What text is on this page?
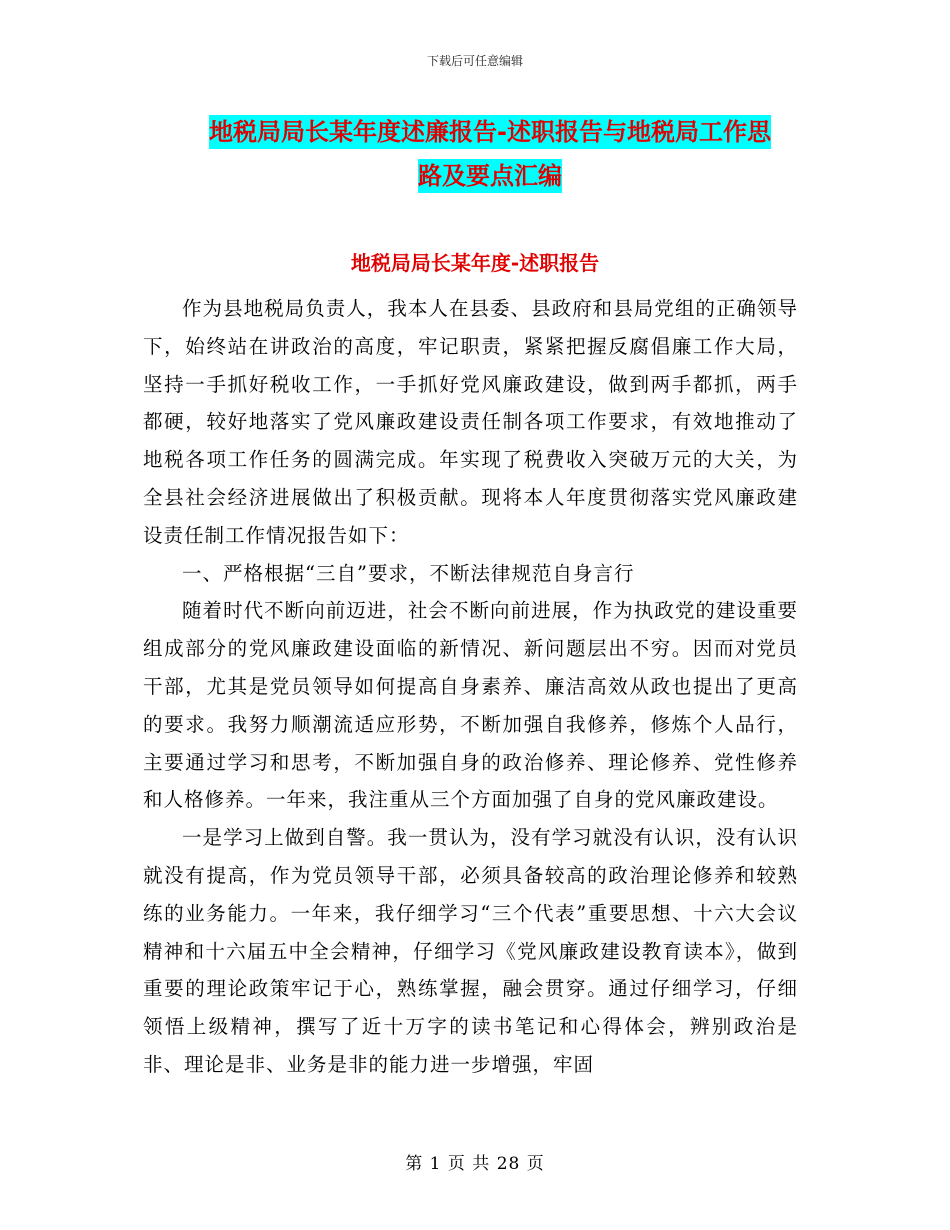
下载后可任意编辑
地税局局长某年度述廉报告-述职报告与地税局工作思
路及要点汇编
地税局局长某年度-述职报告

作为县地税局负责人，我本人在县委、县政府和县局党组的正确领导下，始终站在讲政治的高度，牢记职责，紧紧把握反腐倡廉工作大局，坚持一手抓好税收工作，一手抓好党风廉政建设，做到两手都抓，两手都硬，较好地落实了党风廉政建设责任制各项工作要求，有效地推动了地税各项工作任务的圆满完成。年实现了税费收入突破万元的大关，为全县社会经济进展做出了积极贡献。现将本人年度贯彻落实党风廉政建设责任制工作情况报告如下：

一、严格根据“三自”要求，不断法律规范自身言行

随着时代不断向前迈进，社会不断向前进展，作为执政党的建设重要组成部分的党风廉政建设面临的新情况、新问题层出不穷。因而对党员干部，尤其是党员领导如何提高自身素养、廉洁高效从政也提出了更高的要求。我努力顺潮流适应形势，不断加强自我修养，修炼个人品行，主要通过学习和思考，不断加强自身的政治修养、理论修养、党性修养和人格修养。一年来，我注重从三个方面加强了自身的党风廉政建设。

一是学习上做到自警。我一贯认为，没有学习就没有认识，没有认识就没有提高，作为党员领导干部，必须具备较高的政治理论修养和较熟练的业务能力。一年来，我仔细学习“三个代表”重要思想、十六大会议精神和十六届五中全会精神，仔细学习《党风廉政建设教育读本》，做到重要的理论政策牢记于心，熟练掌握，融会贯穿。通过仔细学习，仔细领悟上级精神，撰写了近十万字的读书笔记和心得体会，辨别政治是非、理论是非、业务是非的能力进一步增强，牢固

第 1 页 共 28 页
